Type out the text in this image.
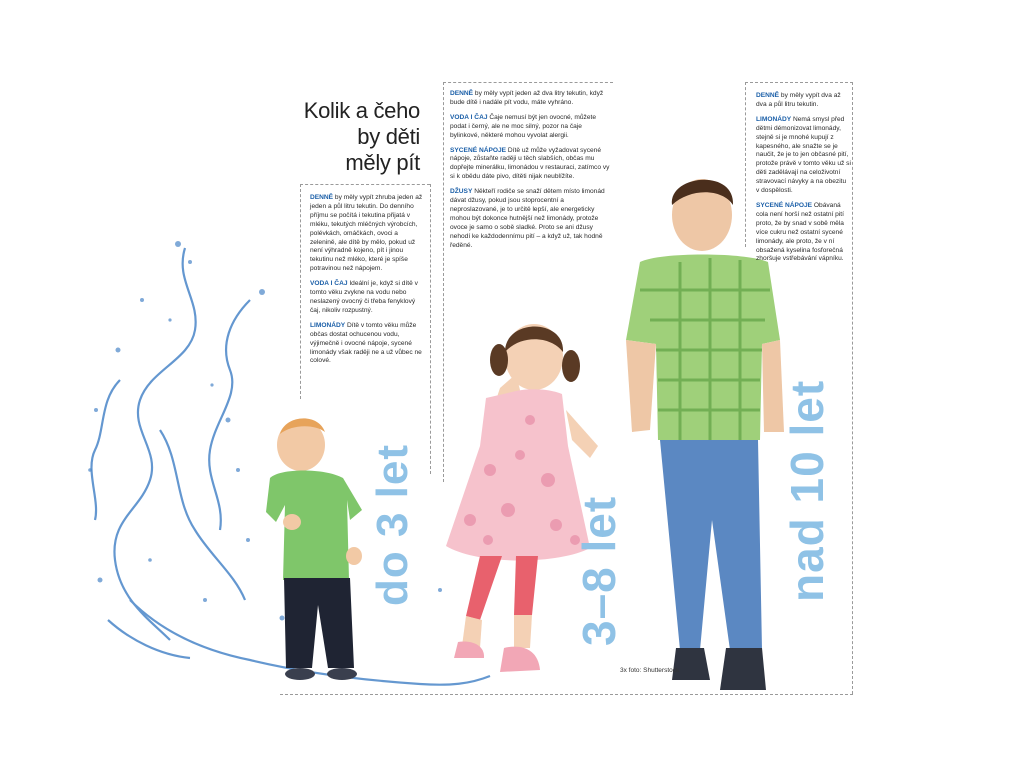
Kolik a čeho
by děti
měly pít

DENNĚ by měly vypít zhruba jeden až jeden a půl litru tekutin. Do denního příjmu se počítá i tekutina přijatá v mléku, tekutých mléčných výrobcích, polévkách, omáčkách, ovoci a zelenině, ale dítě by mělo, pokud už není výhradně kojeno, pít i jinou tekutinu než mléko, které je spíše potravinou než nápojem.

VODA I ČAJ Ideální je, když si dítě v tomto věku zvykne na vodu nebo neslazený ovocný či třeba fenyklový čaj, nikoliv rozpustný.

LIMONÁDY Dítě v tomto věku může občas dostat ochucenou vodu, výjimečně i ovocné nápoje, sycené limonády však raději ne a už vůbec ne colové.

DENNĚ by měly vypít jeden až dva litry tekutin, když bude dítě i nadále pít vodu, máte vyhráno.

VODA I ČAJ Čaje nemusí být jen ovocné, můžete podat i černý, ale ne moc silný, pozor na čaje bylinkové, některé mohou vyvolat alergii.

SYCENÉ NÁPOJE Dítě už může vyžadovat sycené nápoje, zůstaňte raději u těch slabších, občas mu dopřejte minerálku, limonádou v restauraci, zatímco vy si k obědu dáte pivo, dítěti nijak neublížíte.

DŽUSY Někteří rodiče se snaží dětem místo limonád dávat džusy, pokud jsou stoprocentní a neproslazované, je to určitě lepší, ale energeticky mohou být dokonce hutnější než limonády, protože ovoce je samo o sobě sladké. Proto se ani džusy nehodí ke každodennímu pití – a když už, tak hodně ředěné.

DENNĚ by měly vypít dva až dva a půl litru tekutin.

LIMONÁDY Nemá smysl před dětmi démonizovat limonády, stejně si je mnohé kupují z kapesného, ale snažte se je naučit, že je to jen občasné pití, protože právě v tomto věku už si děti zadělávají na celoživotní stravovací návyky a na obezitu v dospělosti.

SYCENÉ NÁPOJE Obávaná cola není horší než ostatní pití proto, že by snad v sobě měla více cukru než ostatní sycené limonády, ale proto, že v ní obsažená kyselina fosforečná zhoršuje vstřebávání vápníku.

do 3 let	3–8 let	nad 10 let
3x foto: Shutterstock
